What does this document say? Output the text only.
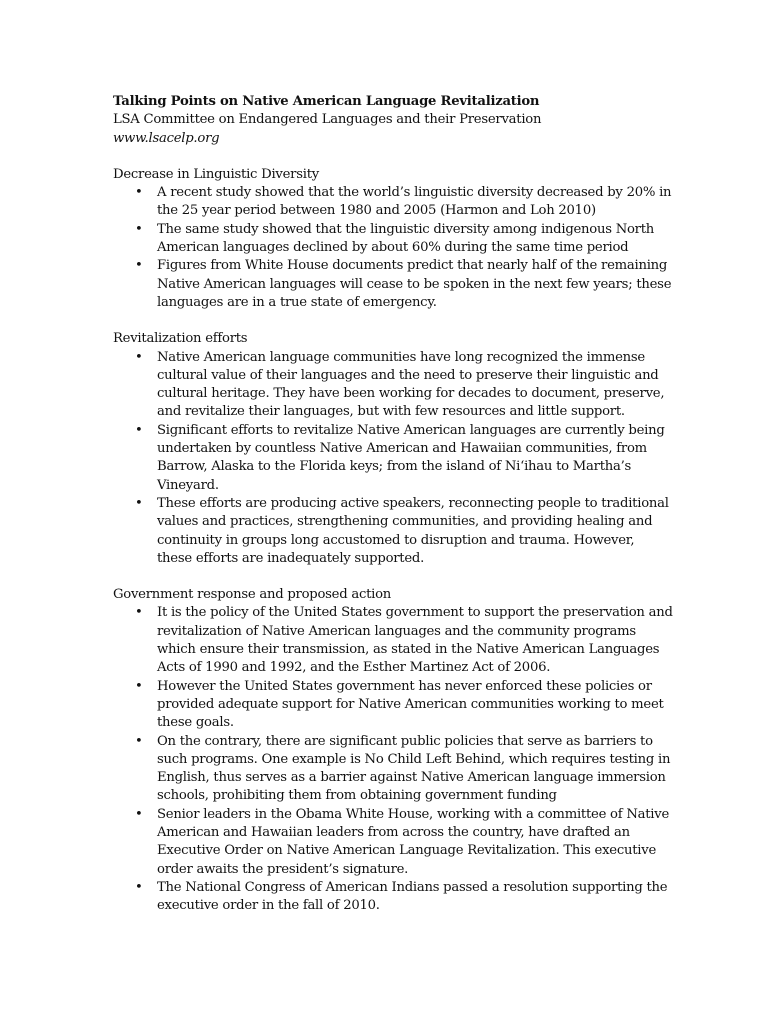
Talking Points on Native American Language Revitalization

LSA Committee on Endangered Languages and their Preservation

www.lsacelp.org

Decrease in Linguistic Diversity

• A recent study showed that the world’s linguistic diversity decreased by 20% in the 25 year period between 1980 and 2005 (Harmon and Loh 2010)
• The same study showed that the linguistic diversity among indigenous North American languages declined by about 60% during the same time period
• Figures from White House documents predict that nearly half of the remaining Native American languages will cease to be spoken in the next few years; these languages are in a true state of emergency.

Revitalization efforts

• Native American language communities have long recognized the immense cultural value of their languages and the need to preserve their linguistic and cultural heritage. They have been working for decades to document, preserve, and revitalize their languages, but with few resources and little support.
• Significant efforts to revitalize Native American languages are currently being undertaken by countless Native American and Hawaiian communities, from Barrow, Alaska to the Florida keys; from the island of Ni‘ihau to Martha’s Vineyard.
• These efforts are producing active speakers, reconnecting people to traditional values and practices, strengthening communities, and providing healing and continuity in groups long accustomed to disruption and trauma. However, these efforts are inadequately supported.

Government response and proposed action

• It is the policy of the United States government to support the preservation and revitalization of Native American languages and the community programs which ensure their transmission, as stated in the Native American Languages Acts of 1990 and 1992, and the Esther Martinez Act of 2006.
• However the United States government has never enforced these policies or provided adequate support for Native American communities working to meet these goals.
• On the contrary, there are significant public policies that serve as barriers to such programs. One example is No Child Left Behind, which requires testing in English, thus serves as a barrier against Native American language immersion schools, prohibiting them from obtaining government funding
• Senior leaders in the Obama White House, working with a committee of Native American and Hawaiian leaders from across the country, have drafted an Executive Order on Native American Language Revitalization. This executive order awaits the president’s signature.
• The National Congress of American Indians passed a resolution supporting the executive order in the fall of 2010.
